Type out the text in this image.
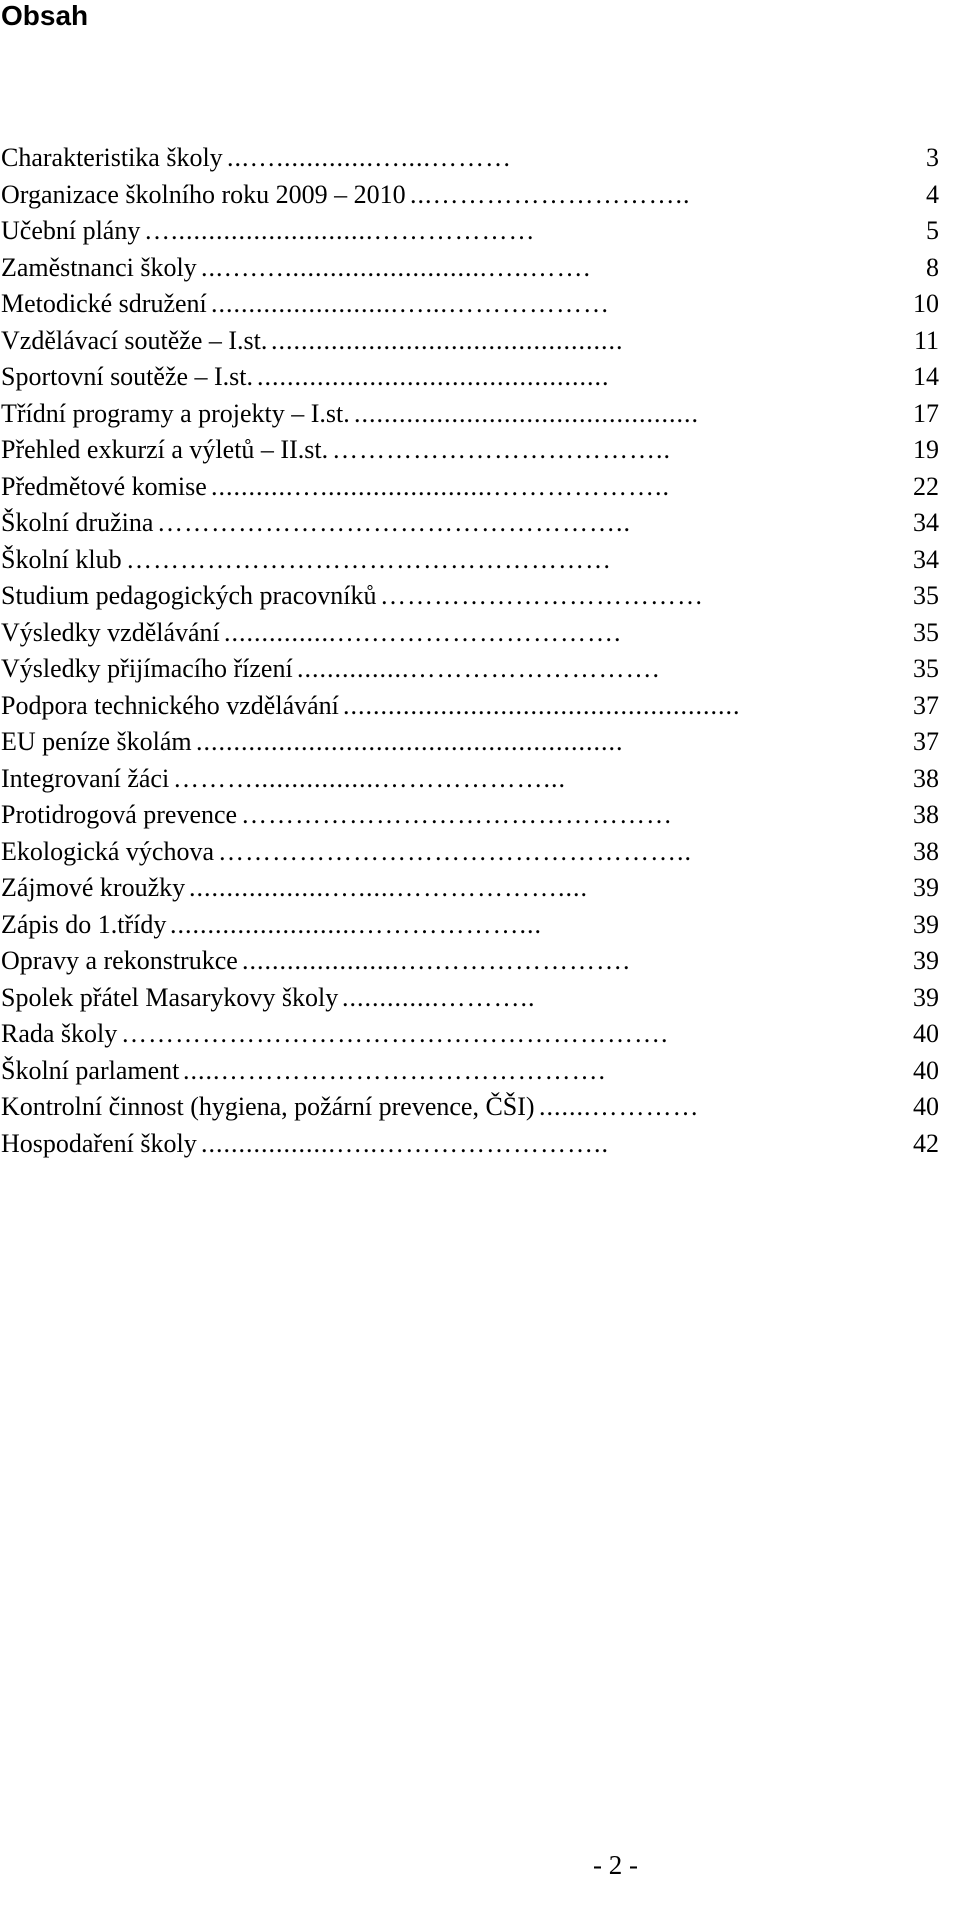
Obsah
...….............…....………
Charakteristika školy	3
...………………………..
Organizace školního roku 2009 – 2010	4
…...........................………………
Učební plány	5
...….…...........................…..…….
Zaměstnanci školy	8
.........................…...………………
Metodické sdružení	10
...............................................
Vzdělávací soutěže – I.st.	11
...............................................
Sportovní soutěže – I.st.	14
..............................................
Třídní programy a projekty – I.st.	17
………………………………..
Přehled exkurzí a výletů – II.st.	19
...........….......................………………..
Předmětové komise	22
……………………………………………..
Školní družina	34
………………………………………………
Školní klub	34
………………………………
Studium pedagogických pracovníků	35
...............….……………………….
Výsledky vzdělávání	35
...............……………………….
Výsledky přijímacího řízení	35
.....................................................
Podpora technického vzdělávání	37
.........................................................
EU peníze školám	37
……….................………………...
Integrovaní žáci	38
…………………………………………
Protidrogová prevence	38
……………………………………………..
Ekologická výchova	38
...................….....………………....
Zájmové kroužky	39
.........................………………...
Zápis do 1.třídy	39
.....................….………………….
Opravy a rekonstrukce	39
.............………..
Spolek přátel Masarykovy školy	39
…………………………………………………….
Rada školy	40
.....…………………………………….
Školní parlament	40
.......…………
Kontrolní činnost (hygiena, požární prevence, ČŠI)	40
..................…..……………………..
Hospodaření školy	42
- 2 -
